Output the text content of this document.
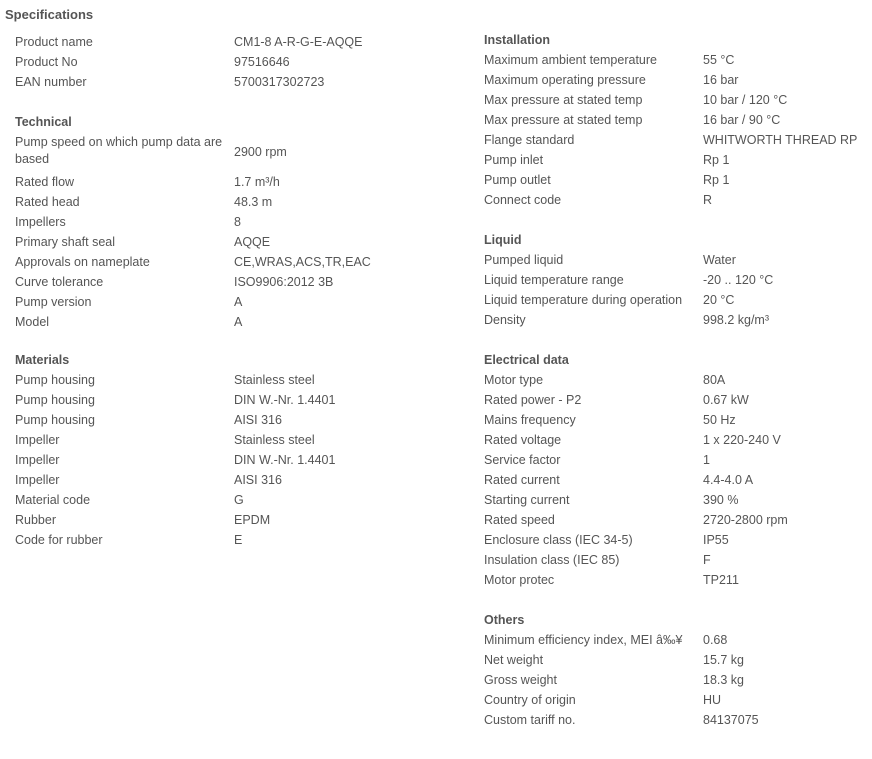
Specifications
Product name	CM1-8 A-R-G-E-AQQE
Product No	97516646
EAN number	5700317302723
Technical
Pump speed on which pump data are based	2900 rpm
Rated flow	1.7 m³/h
Rated head	48.3 m
Impellers	8
Primary shaft seal	AQQE
Approvals on nameplate	CE,WRAS,ACS,TR,EAC
Curve tolerance	ISO9906:2012 3B
Pump version	A
Model	A
Materials
Pump housing	Stainless steel
Pump housing	DIN W.-Nr. 1.4401
Pump housing	AISI 316
Impeller	Stainless steel
Impeller	DIN W.-Nr. 1.4401
Impeller	AISI 316
Material code	G
Rubber	EPDM
Code for rubber	E
Installation
Maximum ambient temperature	55 °C
Maximum operating pressure	16 bar
Max pressure at stated temp	10 bar / 120 °C
Max pressure at stated temp	16 bar / 90 °C
Flange standard	WHITWORTH THREAD RP
Pump inlet	Rp 1
Pump outlet	Rp 1
Connect code	R
Liquid
Pumped liquid	Water
Liquid temperature range	-20 .. 120 °C
Liquid temperature during operation 20 °C
Density	998.2 kg/m³
Electrical data
Motor type	80A
Rated power - P2	0.67 kW
Mains frequency	50 Hz
Rated voltage	1 x 220-240 V
Service factor	1
Rated current	4.4-4.0 A
Starting current	390 %
Rated speed	2720-2800 rpm
Enclosure class (IEC 34-5)	IP55
Insulation class (IEC 85)	F
Motor protec	TP211
Others
Minimum efficiency index, MEI â‰¥ 0.68
Net weight	15.7 kg
Gross weight	18.3 kg
Country of origin	HU
Custom tariff no.	84137075
